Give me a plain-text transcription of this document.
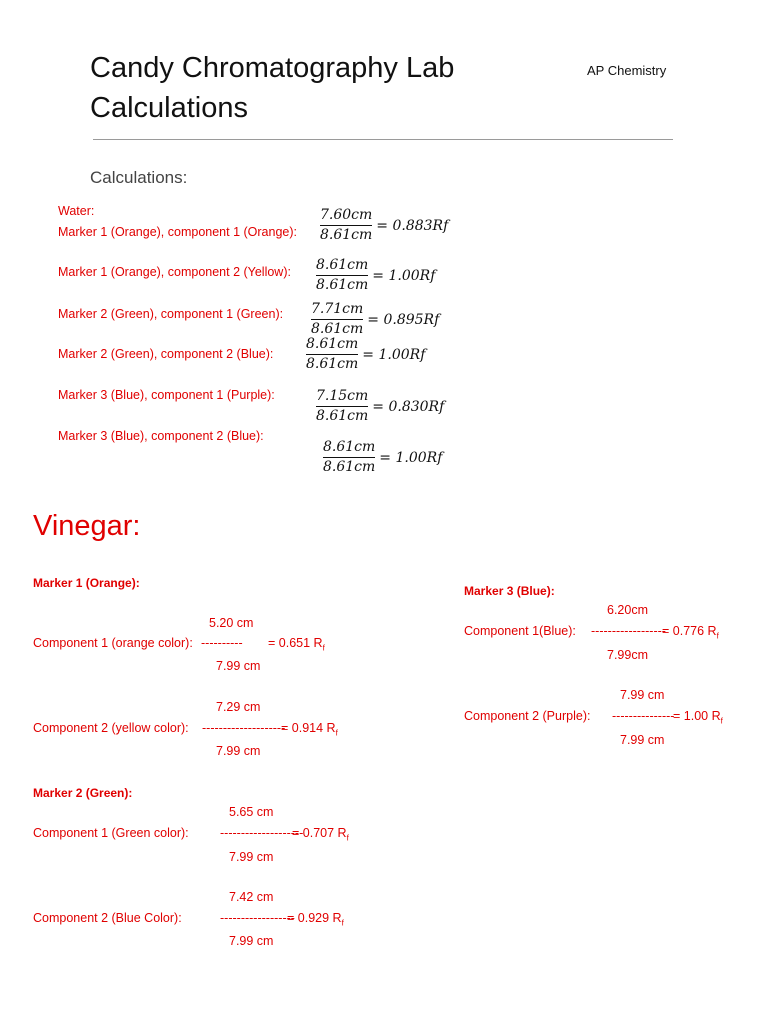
Candy Chromatography Lab
Calculations
AP Chemistry
Calculations:
Water:
Marker 1 (Orange), component 1 (Orange):
7.60cm
8.61cm
= 0.883Rf
Marker 1 (Orange), component 2 (Yellow): 8.61cm
8.61cm
= 1.00Rf
Marker 2 (Green), component 1 (Green): 7.71cm
8.61cm
= 0.895Rf
Marker 2 (Green), component 2 (Blue):
8.61cm
8.61cm
= 1.00Rf
Marker 3 (Blue), component 1 (Purple):	7.15cm
8.61cm
= 0.830Rf
Marker 3 (Blue), component 2 (Blue):
8.61cm
8.61cm
= 1.00Rf
Vinegar:
Marker 1 (Orange):
5.20 cm
Component 1 (orange color): ---------- = 0.651 $R_f$
7.99 cm
7.29 cm
Component 2 (yellow color): --------------------
= 0.914 $R_f$
7.99 cm
Marker 2 (Green):
5.65 cm
Component 1 (Green color):	--------------------
= 0.707 $R_f$
7.99 cm
7.42 cm
Component 2 (Blue Color):	------------------
= 0.929 $R_f$
7.99 cm
Marker 3 (Blue):
6.20cm
Component 1(Blue): ------------------
= 0.776 $R_f$
7.99cm
7.99 cm
Component 2 (Purple): ---------------
= 1.00 $R_f$
7.99 cm
